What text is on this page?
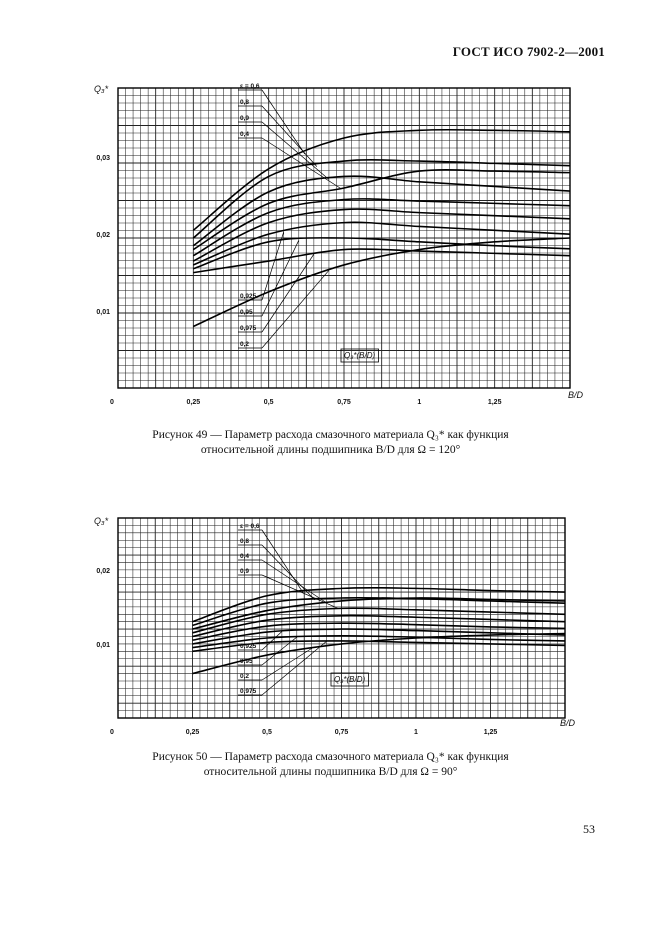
ГОСТ ИСО 7902-2—2001
0	0,25	0,5	0,75	1	1,25
0,01
0,02
0,03
Q₃*
B/D
Q₃*(B/D)
ε = 0,6
0,8
0,9
0,4
0,925
0,95
0,975
0,2
Рисунок 49 — Параметр расхода смазочного материала Q₃* как функция
относительной длины подшипника B/D для Ω = 120°
0	0,25	0,5	0,75	1	1,25
0,01
0,02
Q₃*
B/D
Q₃*(B/D)
ε = 0,6
0,8
0,4
0,9
0,925
0,95
0,2
0,975
Рисунок 50 — Параметр расхода смазочного материала Q₃* как функция
относительной длины подшипника B/D для Ω = 90°
53
